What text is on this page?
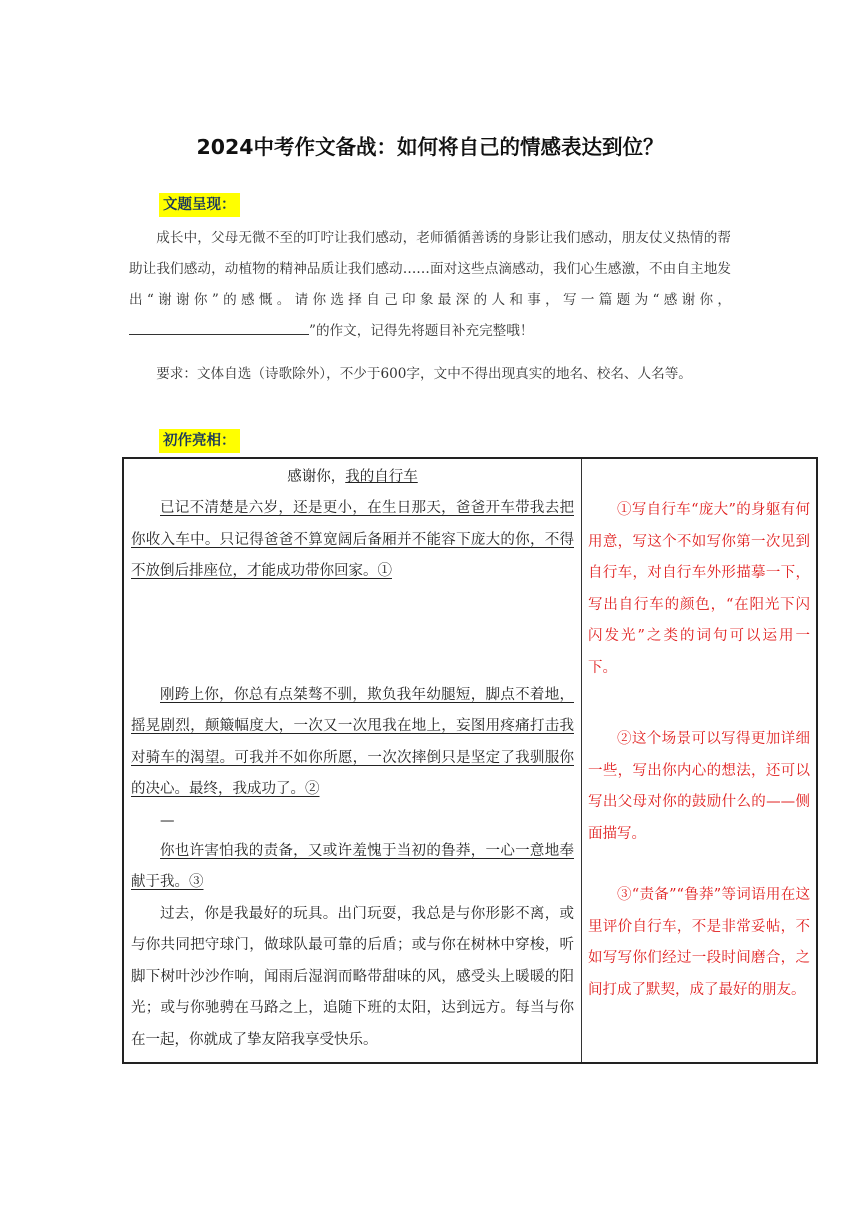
2024中考作文备战：如何将自己的情感表达到位？
文题呈现：

成长中，父母无微不至的叮咛让我们感动，老师循循善诱的身影让我们感动，朋友仗义热情的帮助让我们感动，动植物的精神品质让我们感动……面对这些点滴感动，我们心生感激，不由自主地发出“谢谢你”的感慨。请你选择自己印象最深的人和事，写一篇题为“感谢你，”的作文，记得先将题目补充完整哦！

要求：文体自选（诗歌除外），不少于600字，文中不得出现真实的地名、校名、人名等。

初作亮相：
感谢你，我的自行车

已记不清楚是六岁，还是更小，在生日那天，爸爸开车带我去把你收入车中。只记得爸爸不算宽阔后备厢并不能容下庞大的你，不得不放倒后排座位，才能成功带你回家。①

刚跨上你，你总有点桀骜不驯，欺负我年幼腿短，脚点不着地，摇晃剧烈，颠簸幅度大，一次又一次甩我在地上，妄图用疼痛打击我对骑车的渴望。可我并不如你所愿，一次次摔倒只是坚定了我驯服你的决心。最终，我成功了。②

—

你也许害怕我的责备，又或许羞愧于当初的鲁莽，一心一意地奉献于我。③

过去，你是我最好的玩具。出门玩耍，我总是与你形影不离，或与你共同把守球门，做球队最可靠的后盾；或与你在树林中穿梭，听脚下树叶沙沙作响，闻雨后湿润而略带甜味的风，感受头上暖暖的阳光；或与你驰骋在马路之上，追随下班的太阳，达到远方。每当与你在一起，你就成了挚友陪我享受快乐。

①写自行车“庞大”的身躯有何用意，写这个不如写你第一次见到自行车，对自行车外形描摹一下，写出自行车的颜色，“在阳光下闪闪发光”之类的词句可以运用一下。

②这个场景可以写得更加详细一些，写出你内心的想法，还可以写出父母对你的鼓励什么的——侧面描写。

③“责备”“鲁莽”等词语用在这里评价自行车，不是非常妥帖，不如写写你们经过一段时间磨合，之间打成了默契，成了最好的朋友。
